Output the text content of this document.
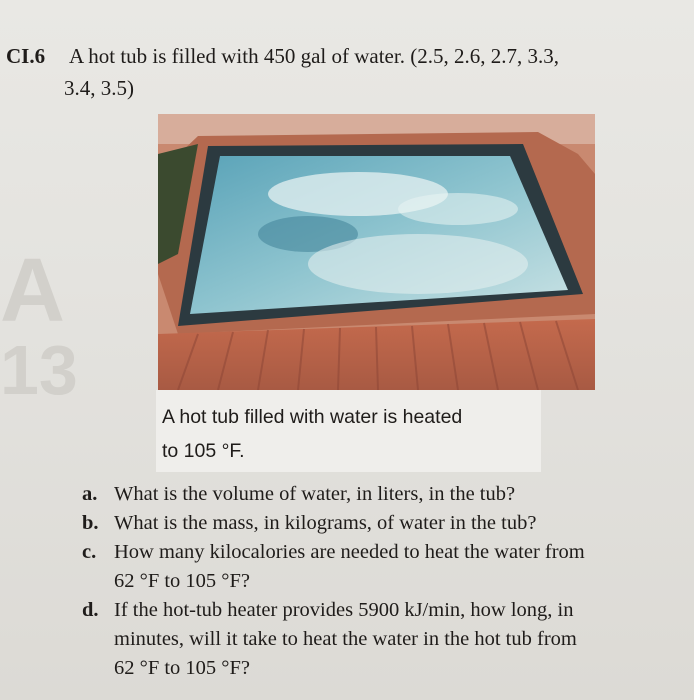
A
13
CI.6 A hot tub is filled with 450 gal of water. (2.5, 2.6, 2.7, 3.3,
3.4, 3.5)
A hot tub filled with water is heated
to 105 °F.
a. What is the volume of water, in liters, in the tub?
b. What is the mass, in kilograms, of water in the tub?
c. How many kilocalories are needed to heat the water from
62 °F to 105 °F?
d. If the hot-tub heater provides 5900 kJ/min, how long, in
minutes, will it take to heat the water in the hot tub from
62 °F to 105 °F?
